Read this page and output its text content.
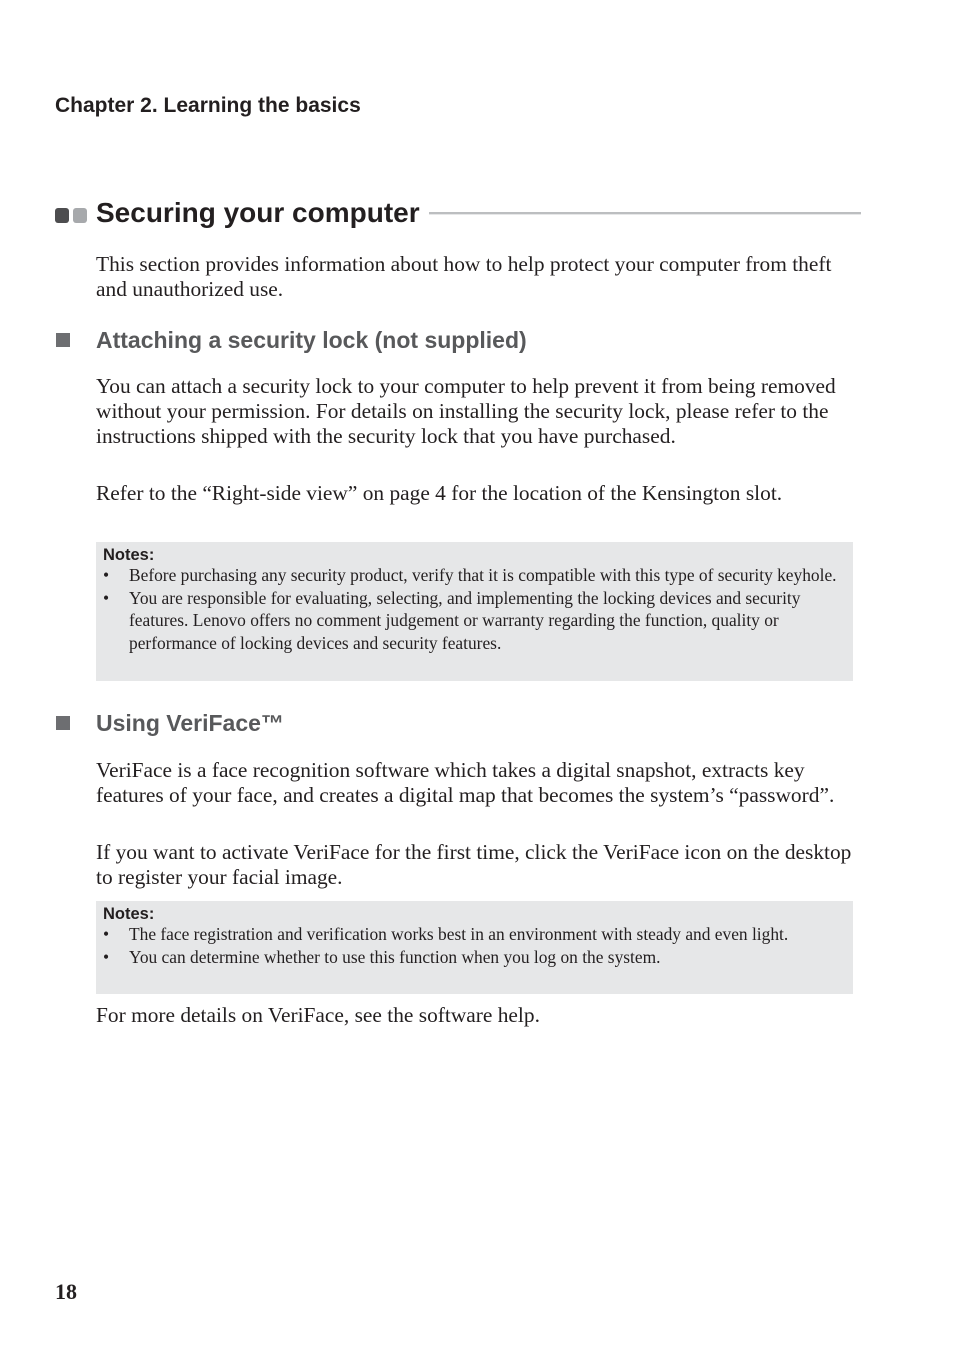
Chapter 2. Learning the basics
Securing your computer

This section provides information about how to help protect your computer from theft and unauthorized use.

Attaching a security lock (not supplied)

You can attach a security lock to your computer to help prevent it from being removed without your permission. For details on installing the security lock, please refer to the instructions shipped with the security lock that you have purchased.

Refer to the “Right-side view” on page 4 for the location of the Kensington slot.

Notes:
• Before purchasing any security product, verify that it is compatible with this type of security keyhole.
• You are responsible for evaluating, selecting, and implementing the locking devices and security features. Lenovo offers no comment judgement or warranty regarding the function, quality or performance of locking devices and security features.
Using VeriFace™

VeriFace is a face recognition software which takes a digital snapshot, extracts key features of your face, and creates a digital map that becomes the system’s “password”.

If you want to activate VeriFace for the first time, click the VeriFace icon on the desktop to register your facial image.

Notes:
• The face registration and verification works best in an environment with steady and even light.
• You can determine whether to use this function when you log on the system.

For more details on VeriFace, see the software help.

18
